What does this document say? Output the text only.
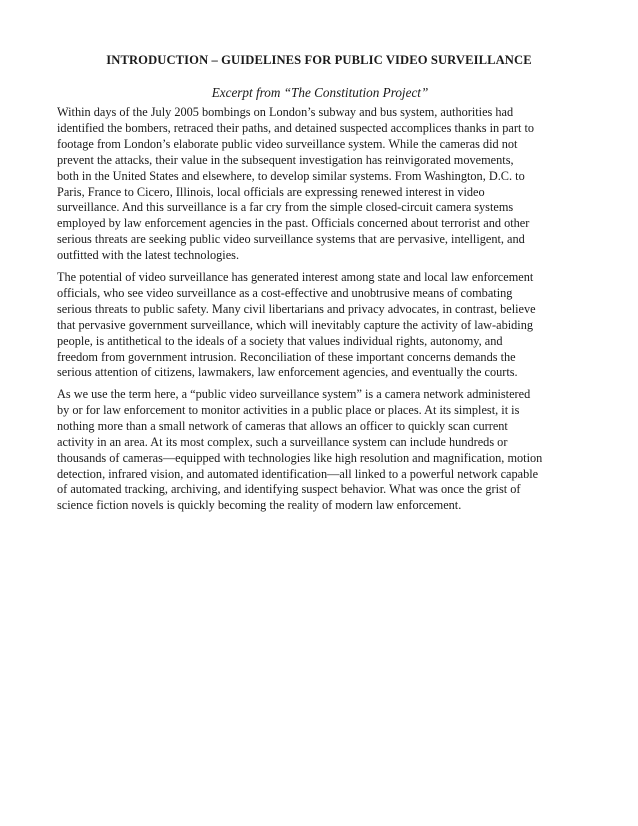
INTRODUCTION – GUIDELINES FOR PUBLIC VIDEO SURVEILLANCE
Excerpt from “The Constitution Project”

Within days of the July 2005 bombings on London’s subway and bus system, authorities had
identified the bombers, retraced their paths, and detained suspected accomplices thanks in part to
footage from London’s elaborate public video surveillance system. While the cameras did not
prevent the attacks, their value in the subsequent investigation has reinvigorated movements,
both in the United States and elsewhere, to develop similar systems. From Washington, D.C. to
Paris, France to Cicero, Illinois, local officials are expressing renewed interest in video
surveillance. And this surveillance is a far cry from the simple closed-circuit camera systems
employed by law enforcement agencies in the past. Officials concerned about terrorist and other
serious threats are seeking public video surveillance systems that are pervasive, intelligent, and
outfitted with the latest technologies.

The potential of video surveillance has generated interest among state and local law enforcement
officials, who see video surveillance as a cost-effective and unobtrusive means of combating
serious threats to public safety. Many civil libertarians and privacy advocates, in contrast, believe
that pervasive government surveillance, which will inevitably capture the activity of law-abiding
people, is antithetical to the ideals of a society that values individual rights, autonomy, and
freedom from government intrusion. Reconciliation of these important concerns demands the
serious attention of citizens, lawmakers, law enforcement agencies, and eventually the courts.

As we use the term here, a “public video surveillance system” is a camera network administered
by or for law enforcement to monitor activities in a public place or places. At its simplest, it is
nothing more than a small network of cameras that allows an officer to quickly scan current
activity in an area. At its most complex, such a surveillance system can include hundreds or
thousands of cameras—equipped with technologies like high resolution and magnification, motion
detection, infrared vision, and automated identification—all linked to a powerful network capable
of automated tracking, archiving, and identifying suspect behavior. What was once the grist of
science fiction novels is quickly becoming the reality of modern law enforcement.
